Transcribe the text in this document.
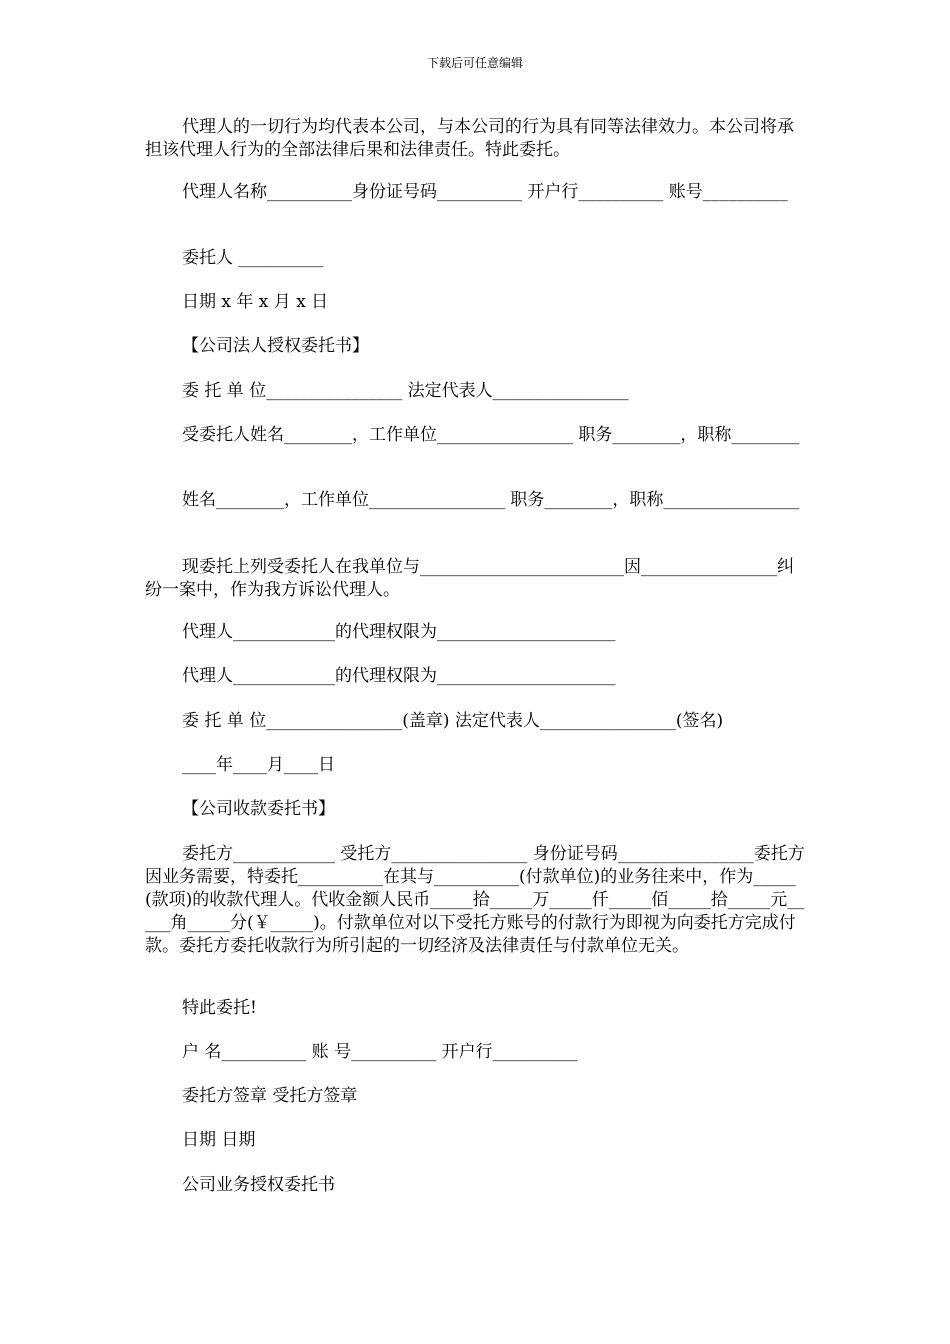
下载后可任意编辑

代理人的一切行为均代表本公司，与本公司的行为具有同等法律效力。本公司将承担该代理人行为的全部法律后果和法律责任。特此委托。

代理人名称__________身份证号码__________ 开户行__________ 账号__________

委托人 __________

日期 x 年 x 月 x 日

【公司法人授权委托书】

委 托 单 位________________ 法定代表人________________

受委托人姓名________，工作单位________________ 职务________，职称________

姓名________，工作单位________________ 职务________，职称________________

现委托上列受委托人在我单位与________________________因________________纠纷一案中，作为我方诉讼代理人。

代理人____________的代理权限为_____________________

代理人____________的代理权限为_____________________

委 托 单 位________________(盖章) 法定代表人________________(签名)

____年____月____日

【公司收款委托书】

委托方____________ 受托方________________ 身份证号码________________委托方因业务需要，特委托__________在其与__________(付款单位)的业务往来中，作为_____(款项)的收款代理人。代收金额人民币_____拾_____万_____仟_____佰_____拾_____元_____角_____分(￥_____)。付款单位对以下受托方账号的付款行为即视为向委托方完成付款。委托方委托收款行为所引起的一切经济及法律责任与付款单位无关。

特此委托!

户 名__________ 账 号__________ 开户行__________

委托方签章 受托方签章

日期 日期

公司业务授权委托书
